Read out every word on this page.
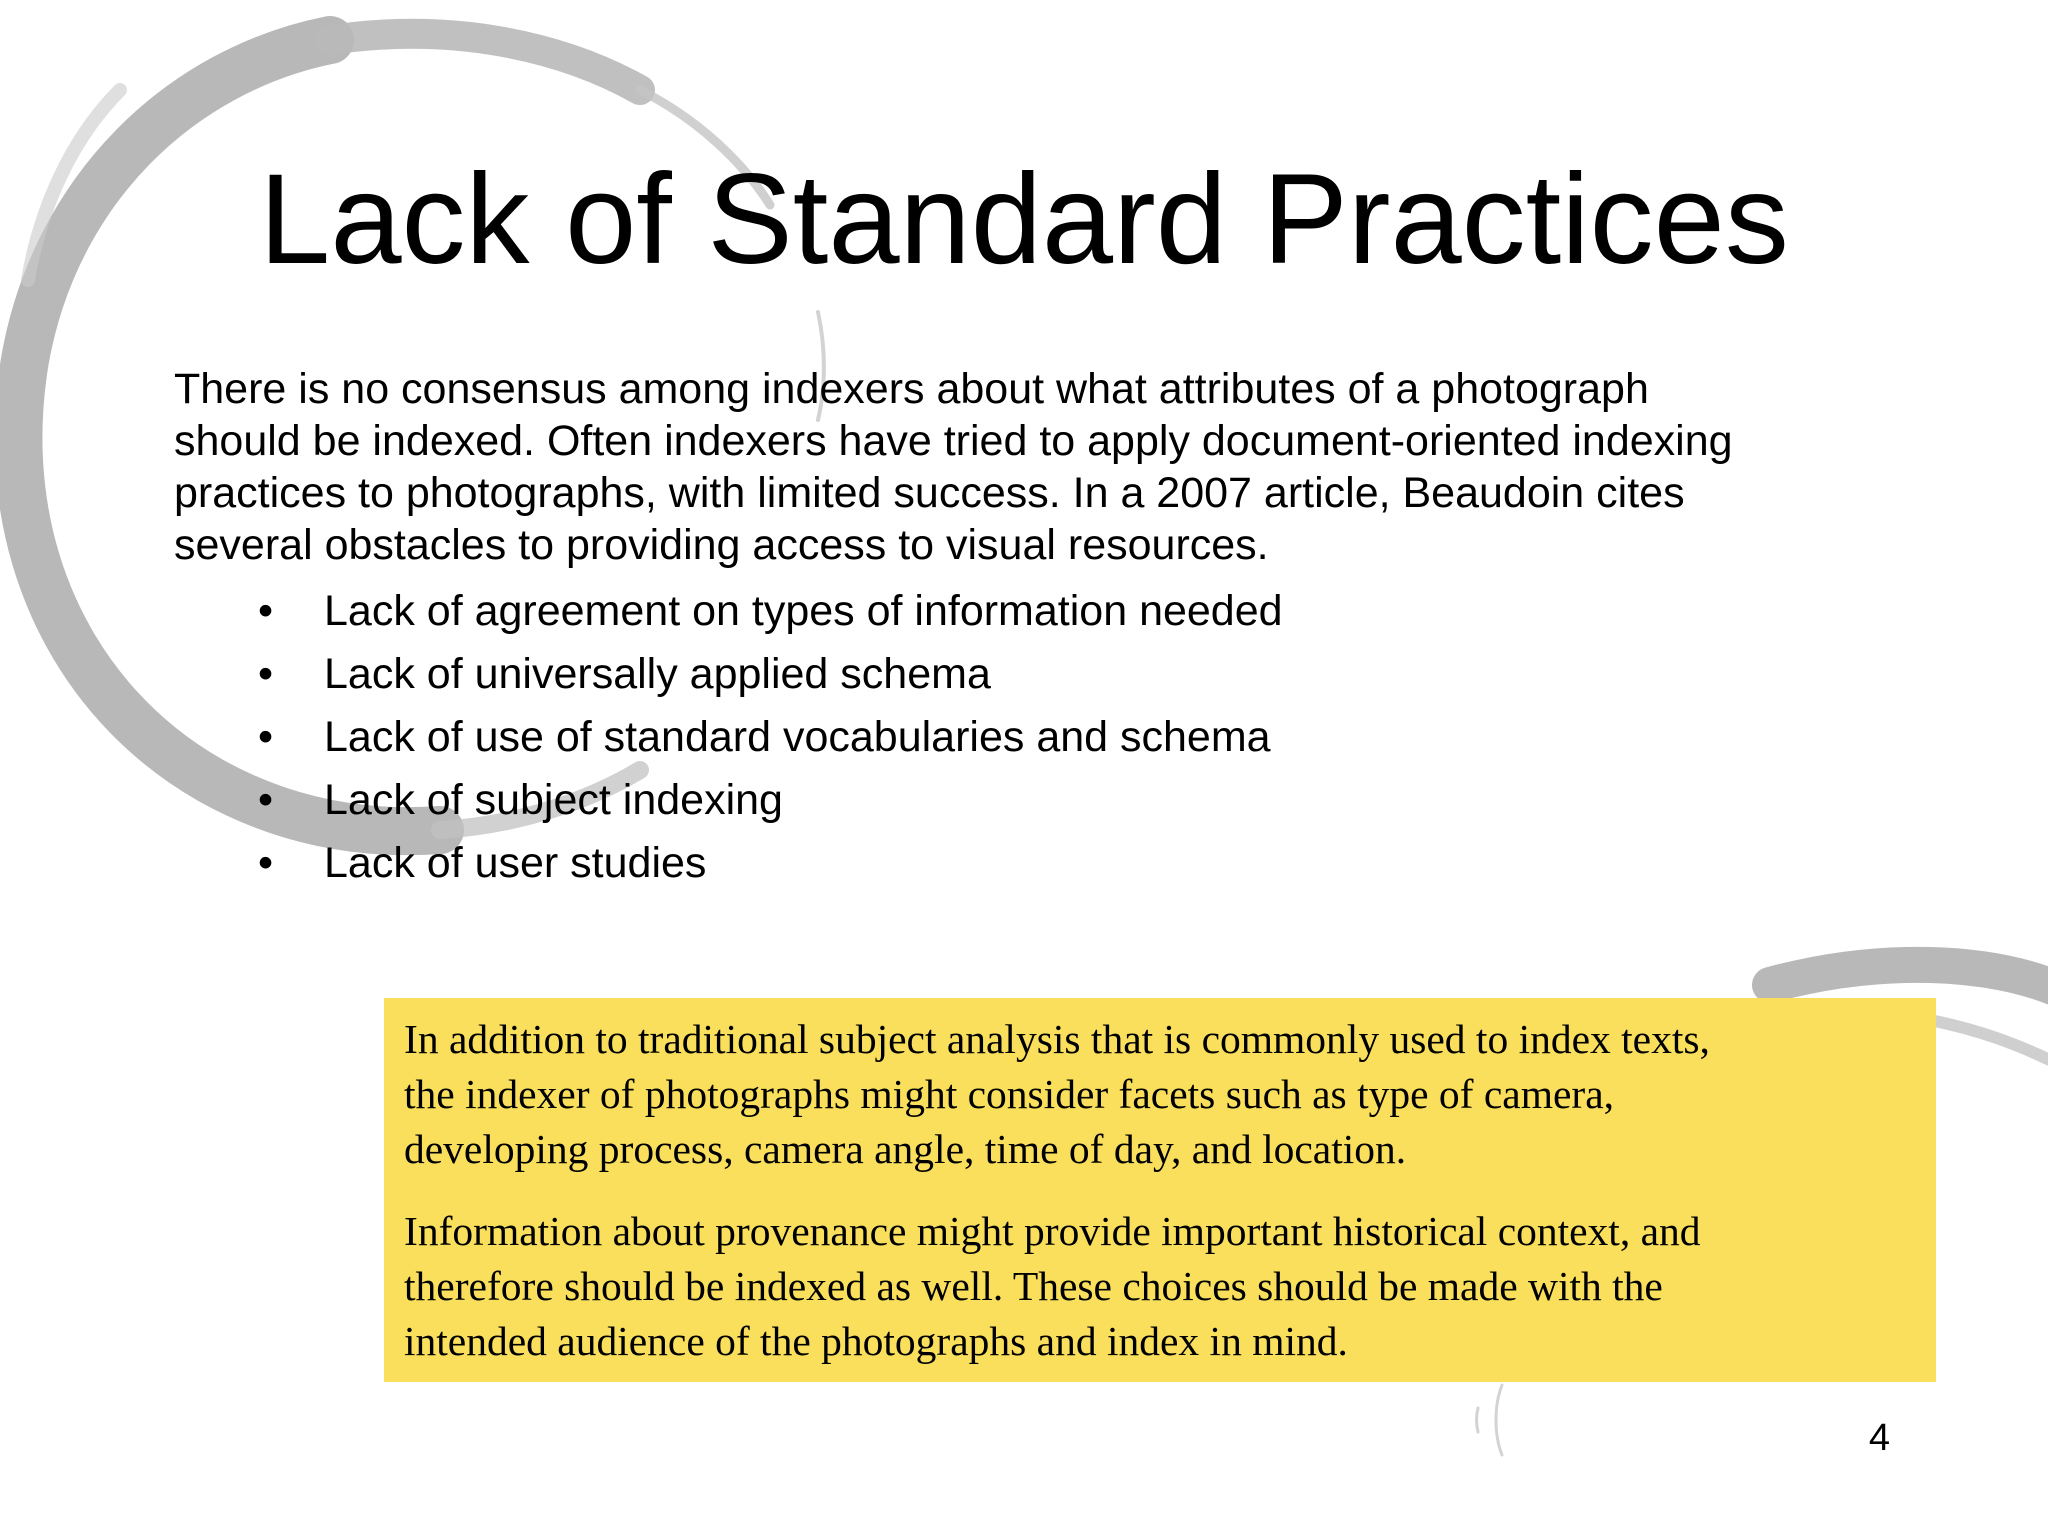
Lack of Standard Practices

There is no consensus among indexers about what attributes of a photograph
should be indexed. Often indexers have tried to apply document-oriented indexing
practices to photographs, with limited success. In a 2007 article, Beaudoin cites
several obstacles to providing access to visual resources.

• Lack of agreement on types of information needed
• Lack of universally applied schema
• Lack of use of standard vocabularies and schema
• Lack of subject indexing
• Lack of user studies

In addition to traditional subject analysis that is commonly used to index texts,
the indexer of photographs might consider facets such as type of camera,
developing process, camera angle, time of day, and location.

Information about provenance might provide important historical context, and
therefore should be indexed as well. These choices should be made with the
intended audience of the photographs and index in mind.

4
